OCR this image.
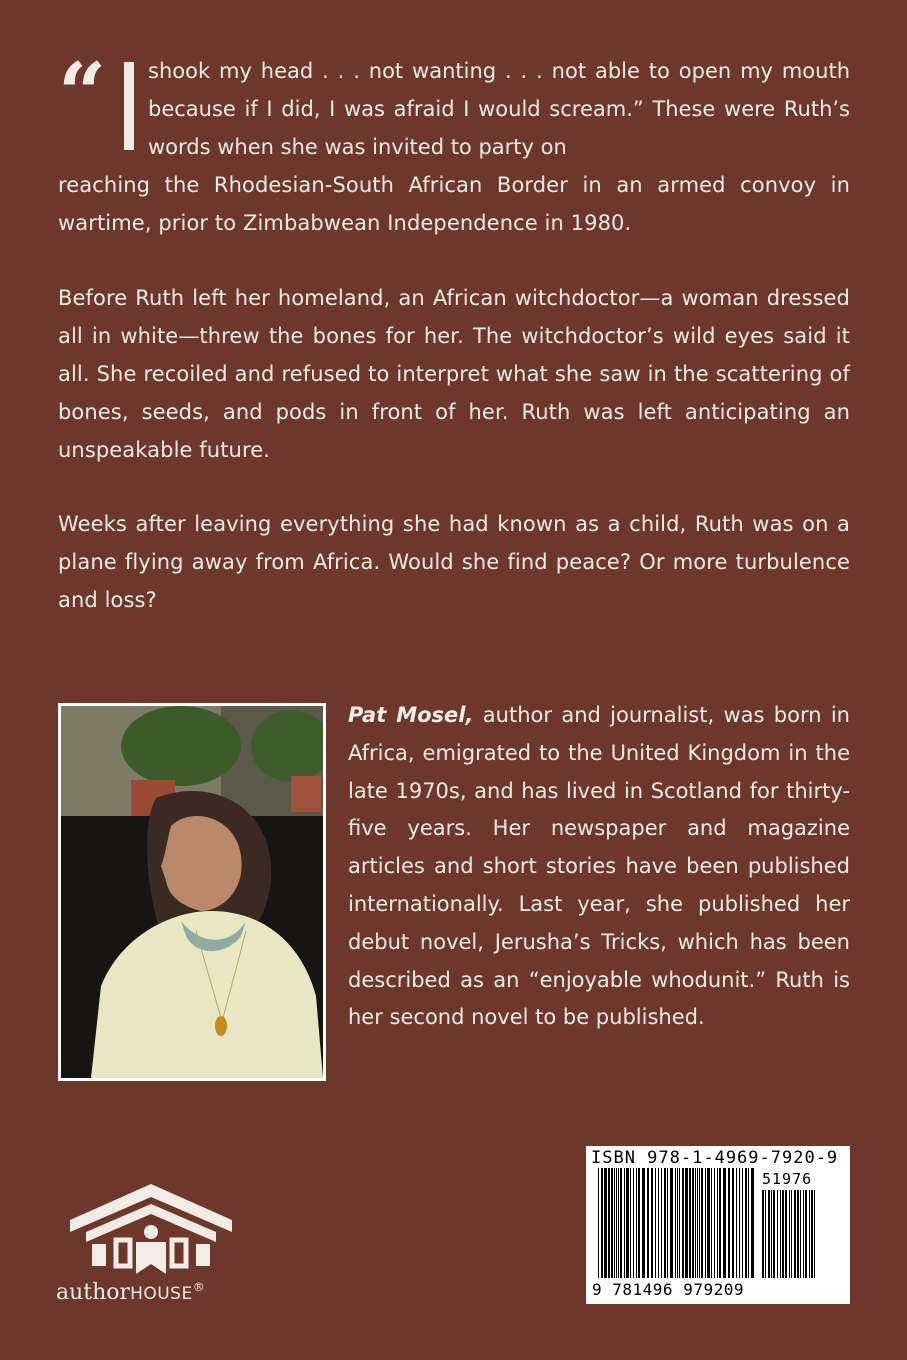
“ shook my head . . . not wanting . . . not able to open my mouth because if I did, I was afraid I would scream.” These were Ruth’s words when she was invited to party on

reaching the Rhodesian-South African Border in an armed convoy in wartime, prior to Zimbabwean Independence in 1980.

Before Ruth left her homeland, an African witchdoctor—a woman dressed all in white—threw the bones for her. The witchdoctor’s wild eyes said it all. She recoiled and refused to interpret what she saw in the scattering of bones, seeds, and pods in front of her. Ruth was left anticipating an unspeakable future.

Weeks after leaving everything she had known as a child, Ruth was on a plane flying away from Africa. Would she find peace? Or more turbulence and loss?

Pat Mosel, author and journalist, was born in Africa, emigrated to the United Kingdom in the late 1970s, and has lived in Scotland for thirty-five years. Her newspaper and magazine articles and short stories have been published internationally. Last year, she published her debut novel, Jerusha’s Tricks, which has been described as an “enjoyable whodunit.” Ruth is her second novel to be published.

ISBN 978-1-4969-7920-9
51976
9 781496 979209
authorHOUSE®
